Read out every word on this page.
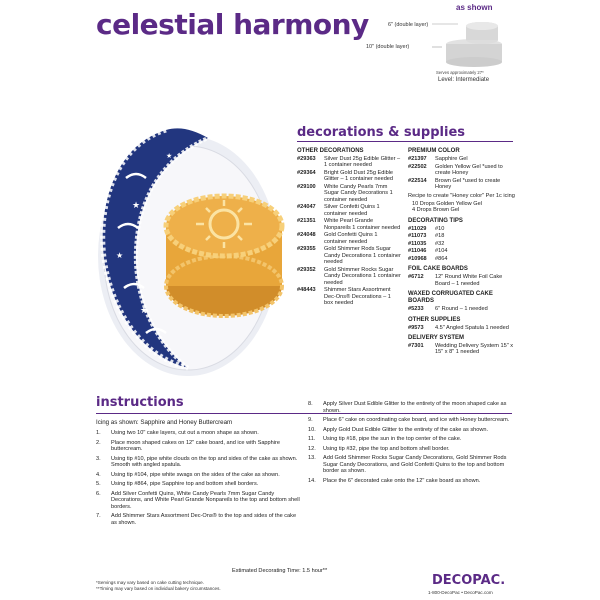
celestial harmony
as shown
6" (double layer)
10" (double layer)
Serves approximately 27*
Level: Intermediate
★
★
★
★
decorations & supplies
OTHER DECORATIONS
#29363	Silver Dust 25g Edible Glitter – 1 container needed
#29364	Bright Gold Dust 25g Edible Glitter – 1 container needed
#29100	White Candy Pearls 7mm Sugar Candy Decorations 1 container needed
#24047	Silver Confetti Quins 1 container needed
#21351	White Pearl Grande Nonpareils 1 container needed
#24048	Gold Confetti Quins 1 container needed
#29355	Gold Shimmer Rods Sugar Candy Decorations 1 container needed
#29352	Gold Shimmer Rocks Sugar Candy Decorations 1 container needed
#48443	Shimmer Stars Assortment Dec-Ons® Decorations – 1 box needed
PREMIUM COLOR
#21397	Sapphire Gel
#22502	Golden Yellow Gel *used to create Honey
#22514	Brown Gel *used to create Honey
Recipe to create "Honey color" Per 1c icing
10 Drops Golden Yellow Gel
4 Drops Brown Gel
DECORATING TIPS
#11029	#10
#11073	#18
#11035	#32
#11046	#104
#10968	#864
FOIL CAKE BOARDS
#6712	12" Round White Foil Cake Board – 1 needed
WAXED CORRUGATED CAKE BOARDS
#5233	6" Round – 1 needed
OTHER SUPPLIES
#9573	4.5" Angled Spatula 1 needed
DELIVERY SYSTEM
#7301	Wedding Delivery System 15" x 15" x 8" 1 needed
instructions
Icing as shown: Sapphire and Honey Buttercream
1.	Using two 10" cake layers, cut out a moon shape as shown.
2.	Place moon shaped cakes on 12" cake board, and ice with Sapphire buttercream.
3.	Using tip #10, pipe white clouds on the top and sides of the cake as shown. Smooth with angled spatula.
4.	Using tip #104, pipe white swags on the sides of the cake as shown.
5.	Using tip #864, pipe Sapphire top and bottom shell borders.
6.	Add Silver Confetti Quins, White Candy Pearls 7mm Sugar Candy Decorations, and White Pearl Grande Nonpareils to the top and bottom shell borders.
7.	Add Shimmer Stars Assortment Dec-Ons® to the top and sides of the cake as shown.
8.	Apply Silver Dust Edible Glitter to the entirety of the moon shaped cake as shown.
9.	Place 6" cake on coordinating cake board, and ice with Honey buttercream.
10.	Apply Gold Dust Edible Glitter to the entirety of the cake as shown.
11.	Using tip #18, pipe the sun in the top center of the cake.
12.	Using tip #32, pipe the top and bottom shell border.
13.	Add Gold Shimmer Rocks Sugar Candy Decorations, Gold Shimmer Rods Sugar Candy Decorations, and Gold Confetti Quins to the top and bottom border as shown.
14.	Place the 6" decorated cake onto the 12" cake board as shown.
Estimated Decorating Time: 1.5 hour**
*Servings may vary based on cake cutting technique.
**Timing may vary based on individual bakery circumstances.
DECOPAC.
1-800-DecoPac • DecoPac.com
